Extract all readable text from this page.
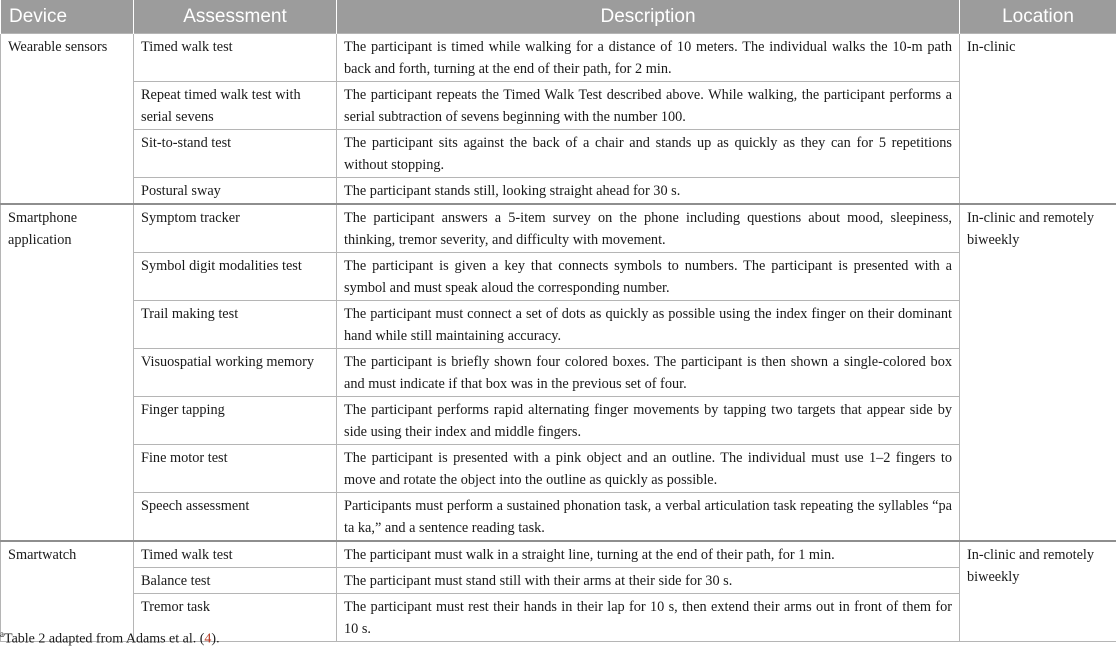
Device	Assessment	Description	Location
Wearable sensors	Timed walk test	The participant is timed while walking for a distance of 10 meters. The individual walks the 10-m path back and forth, turning at the end of their path, for 2 min.	In-clinic
	Repeat timed walk test with serial sevens	The participant repeats the Timed Walk Test described above. While walking, the participant performs a serial subtraction of sevens beginning with the number 100.	
	Sit-to-stand test	The participant sits against the back of a chair and stands up as quickly as they can for 5 repetitions without stopping.	
	Postural sway	The participant stands still, looking straight ahead for 30 s.	
Smartphone application	Symptom tracker	The participant answers a 5-item survey on the phone including questions about mood, sleepiness, thinking, tremor severity, and difficulty with movement.	In-clinic and remotely biweekly
	Symbol digit modalities test	The participant is given a key that connects symbols to numbers. The participant is presented with a symbol and must speak aloud the corresponding number.	
	Trail making test	The participant must connect a set of dots as quickly as possible using the index finger on their dominant hand while still maintaining accuracy.	
	Visuospatial working memory	The participant is briefly shown four colored boxes. The participant is then shown a single-colored box and must indicate if that box was in the previous set of four.	
	Finger tapping	The participant performs rapid alternating finger movements by tapping two targets that appear side by side using their index and middle fingers.	
	Fine motor test	The participant is presented with a pink object and an outline. The individual must use 1–2 fingers to move and rotate the object into the outline as quickly as possible.	
	Speech assessment	Participants must perform a sustained phonation task, a verbal articulation task repeating the syllables “pa ta ka,” and a sentence reading task.	
Smartwatch	Timed walk test	The participant must walk in a straight line, turning at the end of their path, for 1 min.	In-clinic and remotely biweekly
	Balance test	The participant must stand still with their arms at their side for 30 s.	
	Tremor task	The participant must rest their hands in their lap for 10 s, then extend their arms out in front of them for 10 s.	
$^a$Table 2 adapted from Adams et al. (4).
